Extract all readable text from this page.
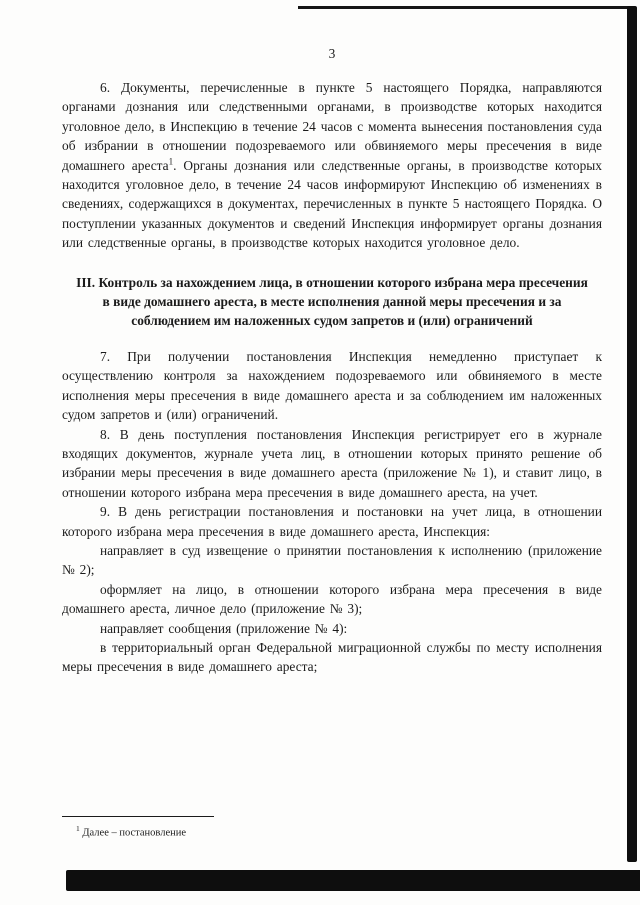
3

6. Документы, перечисленные в пункте 5 настоящего Порядка, направляются органами дознания или следственными органами, в производстве которых находится уголовное дело, в Инспекцию в течение 24 часов с момента вынесения постановления суда об избрании в отношении подозреваемого или обвиняемого меры пресечения в виде домашнего ареста$^1$. Органы дознания или следственные органы, в производстве которых находится уголовное дело, в течение 24 часов информируют Инспекцию об изменениях в сведениях, содержащихся в документах, перечисленных в пункте 5 настоящего Порядка. О поступлении указанных документов и сведений Инспекция информирует органы дознания или следственные органы, в производстве которых находится уголовное дело.

III. Контроль за нахождением лица, в отношении которого избрана мера пресечения в виде домашнего ареста, в месте исполнения данной меры пресечения и за соблюдением им наложенных судом запретов и (или) ограничений

7. При получении постановления Инспекция немедленно приступает к осуществлению контроля за нахождением подозреваемого или обвиняемого в месте исполнения меры пресечения в виде домашнего ареста и за соблюдением им наложенных судом запретов и (или) ограничений.

8. В день поступления постановления Инспекция регистрирует его в журнале входящих документов, журнале учета лиц, в отношении которых принято решение об избрании меры пресечения в виде домашнего ареста (приложение № 1), и ставит лицо, в отношении которого избрана мера пресечения в виде домашнего ареста, на учет.

9. В день регистрации постановления и постановки на учет лица, в отношении которого избрана мера пресечения в виде домашнего ареста, Инспекция:

направляет в суд извещение о принятии постановления к исполнению (приложение № 2);

оформляет на лицо, в отношении которого избрана мера пресечения в виде домашнего ареста, личное дело (приложение № 3);

направляет сообщения (приложение № 4):

в территориальный орган Федеральной миграционной службы по месту исполнения меры пресечения в виде домашнего ареста;

$^1$ Далее – постановление
